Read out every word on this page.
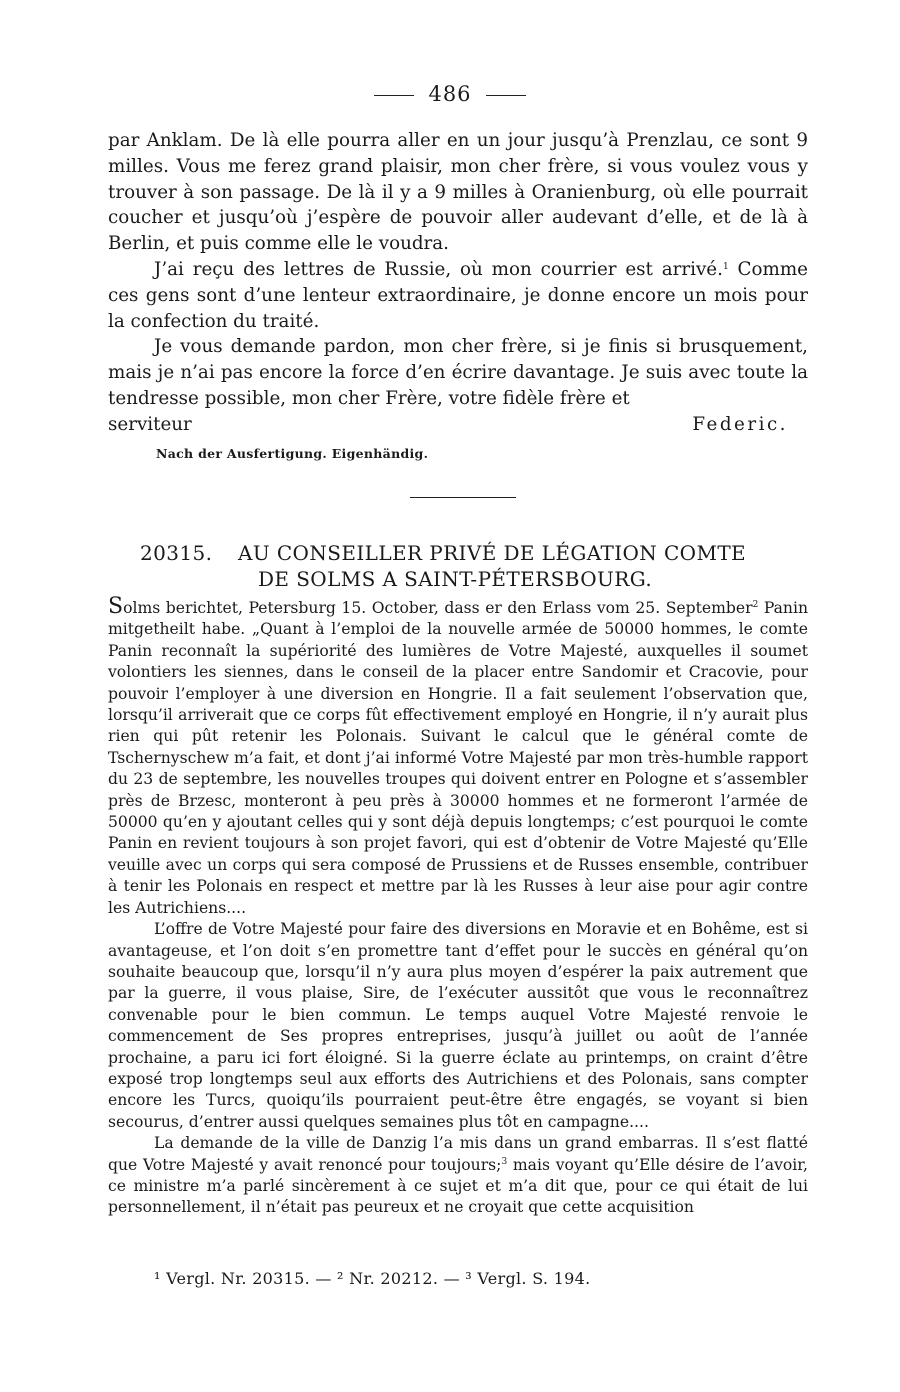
486

par Anklam. De là elle pourra aller en un jour jusqu’à Prenzlau, ce sont 9 milles. Vous me ferez grand plaisir, mon cher frère, si vous voulez vous y trouver à son passage. De là il y a 9 milles à Oranienburg, où elle pourrait coucher et jusqu’où j’espère de pouvoir aller audevant d’elle, et de là à Berlin, et puis comme elle le voudra.

J’ai reçu des lettres de Russie, où mon courrier est arrivé.$^1$ Comme ces gens sont d’une lenteur extraordinaire, je donne encore un mois pour la confection du traité.

Je vous demande pardon, mon cher frère, si je finis si brusquement, mais je n’ai pas encore la force d’en écrire davantage. Je suis avec toute la tendresse possible, mon cher Frère, votre fidèle frère et

serviteur	Federic.
Nach der Ausfertigung. Eigenhändig.
20315. AU CONSEILLER PRIVÉ DE LÉGATION COMTE
DE SOLMS A SAINT-PÉTERSBOURG.

Solms berichtet, Petersburg 15. October, dass er den Erlass vom 25. September$^2$ Panin mitgetheilt habe. „Quant à l’emploi de la nouvelle armée de 50000 hommes, le comte Panin reconnaît la supériorité des lumières de Votre Majesté, auxquelles il soumet volontiers les siennes, dans le conseil de la placer entre Sandomir et Cracovie, pour pouvoir l’employer à une diversion en Hongrie. Il a fait seulement l’observation que, lorsqu’il arriverait que ce corps fût effectivement employé en Hongrie, il n’y aurait plus rien qui pût retenir les Polonais. Suivant le calcul que le général comte de Tschernyschew m’a fait, et dont j’ai informé Votre Majesté par mon très-humble rapport du 23 de septembre, les nouvelles troupes qui doivent entrer en Pologne et s’assembler près de Brzesc, monteront à peu près à 30000 hommes et ne formeront l’armée de 50000 qu’en y ajoutant celles qui y sont déjà depuis longtemps; c’est pourquoi le comte Panin en revient toujours à son projet favori, qui est d’obtenir de Votre Majesté qu’Elle veuille avec un corps qui sera composé de Prussiens et de Russes ensemble, contribuer à tenir les Polonais en respect et mettre par là les Russes à leur aise pour agir contre les Autrichiens....

L’offre de Votre Majesté pour faire des diversions en Moravie et en Bohême, est si avantageuse, et l’on doit s’en promettre tant d’effet pour le succès en général qu’on souhaite beaucoup que, lorsqu’il n’y aura plus moyen d’espérer la paix autrement que par la guerre, il vous plaise, Sire, de l’exécuter aussitôt que vous le reconnaîtrez convenable pour le bien commun. Le temps auquel Votre Majesté renvoie le commencement de Ses propres entreprises, jusqu’à juillet ou août de l’année prochaine, a paru ici fort éloigné. Si la guerre éclate au printemps, on craint d’être exposé trop longtemps seul aux efforts des Autrichiens et des Polonais, sans compter encore les Turcs, quoiqu’ils pourraient peut-être être engagés, se voyant si bien secourus, d’entrer aussi quelques semaines plus tôt en campagne....

La demande de la ville de Danzig l’a mis dans un grand embarras. Il s’est flatté que Votre Majesté y avait renoncé pour toujours;$^3$ mais voyant qu’Elle désire de l’avoir, ce ministre m’a parlé sincèrement à ce sujet et m’a dit que, pour ce qui était de lui personnellement, il n’était pas peureux et ne croyait que cette acquisition

¹ Vergl. Nr. 20315. — ² Nr. 20212. — ³ Vergl. S. 194.
